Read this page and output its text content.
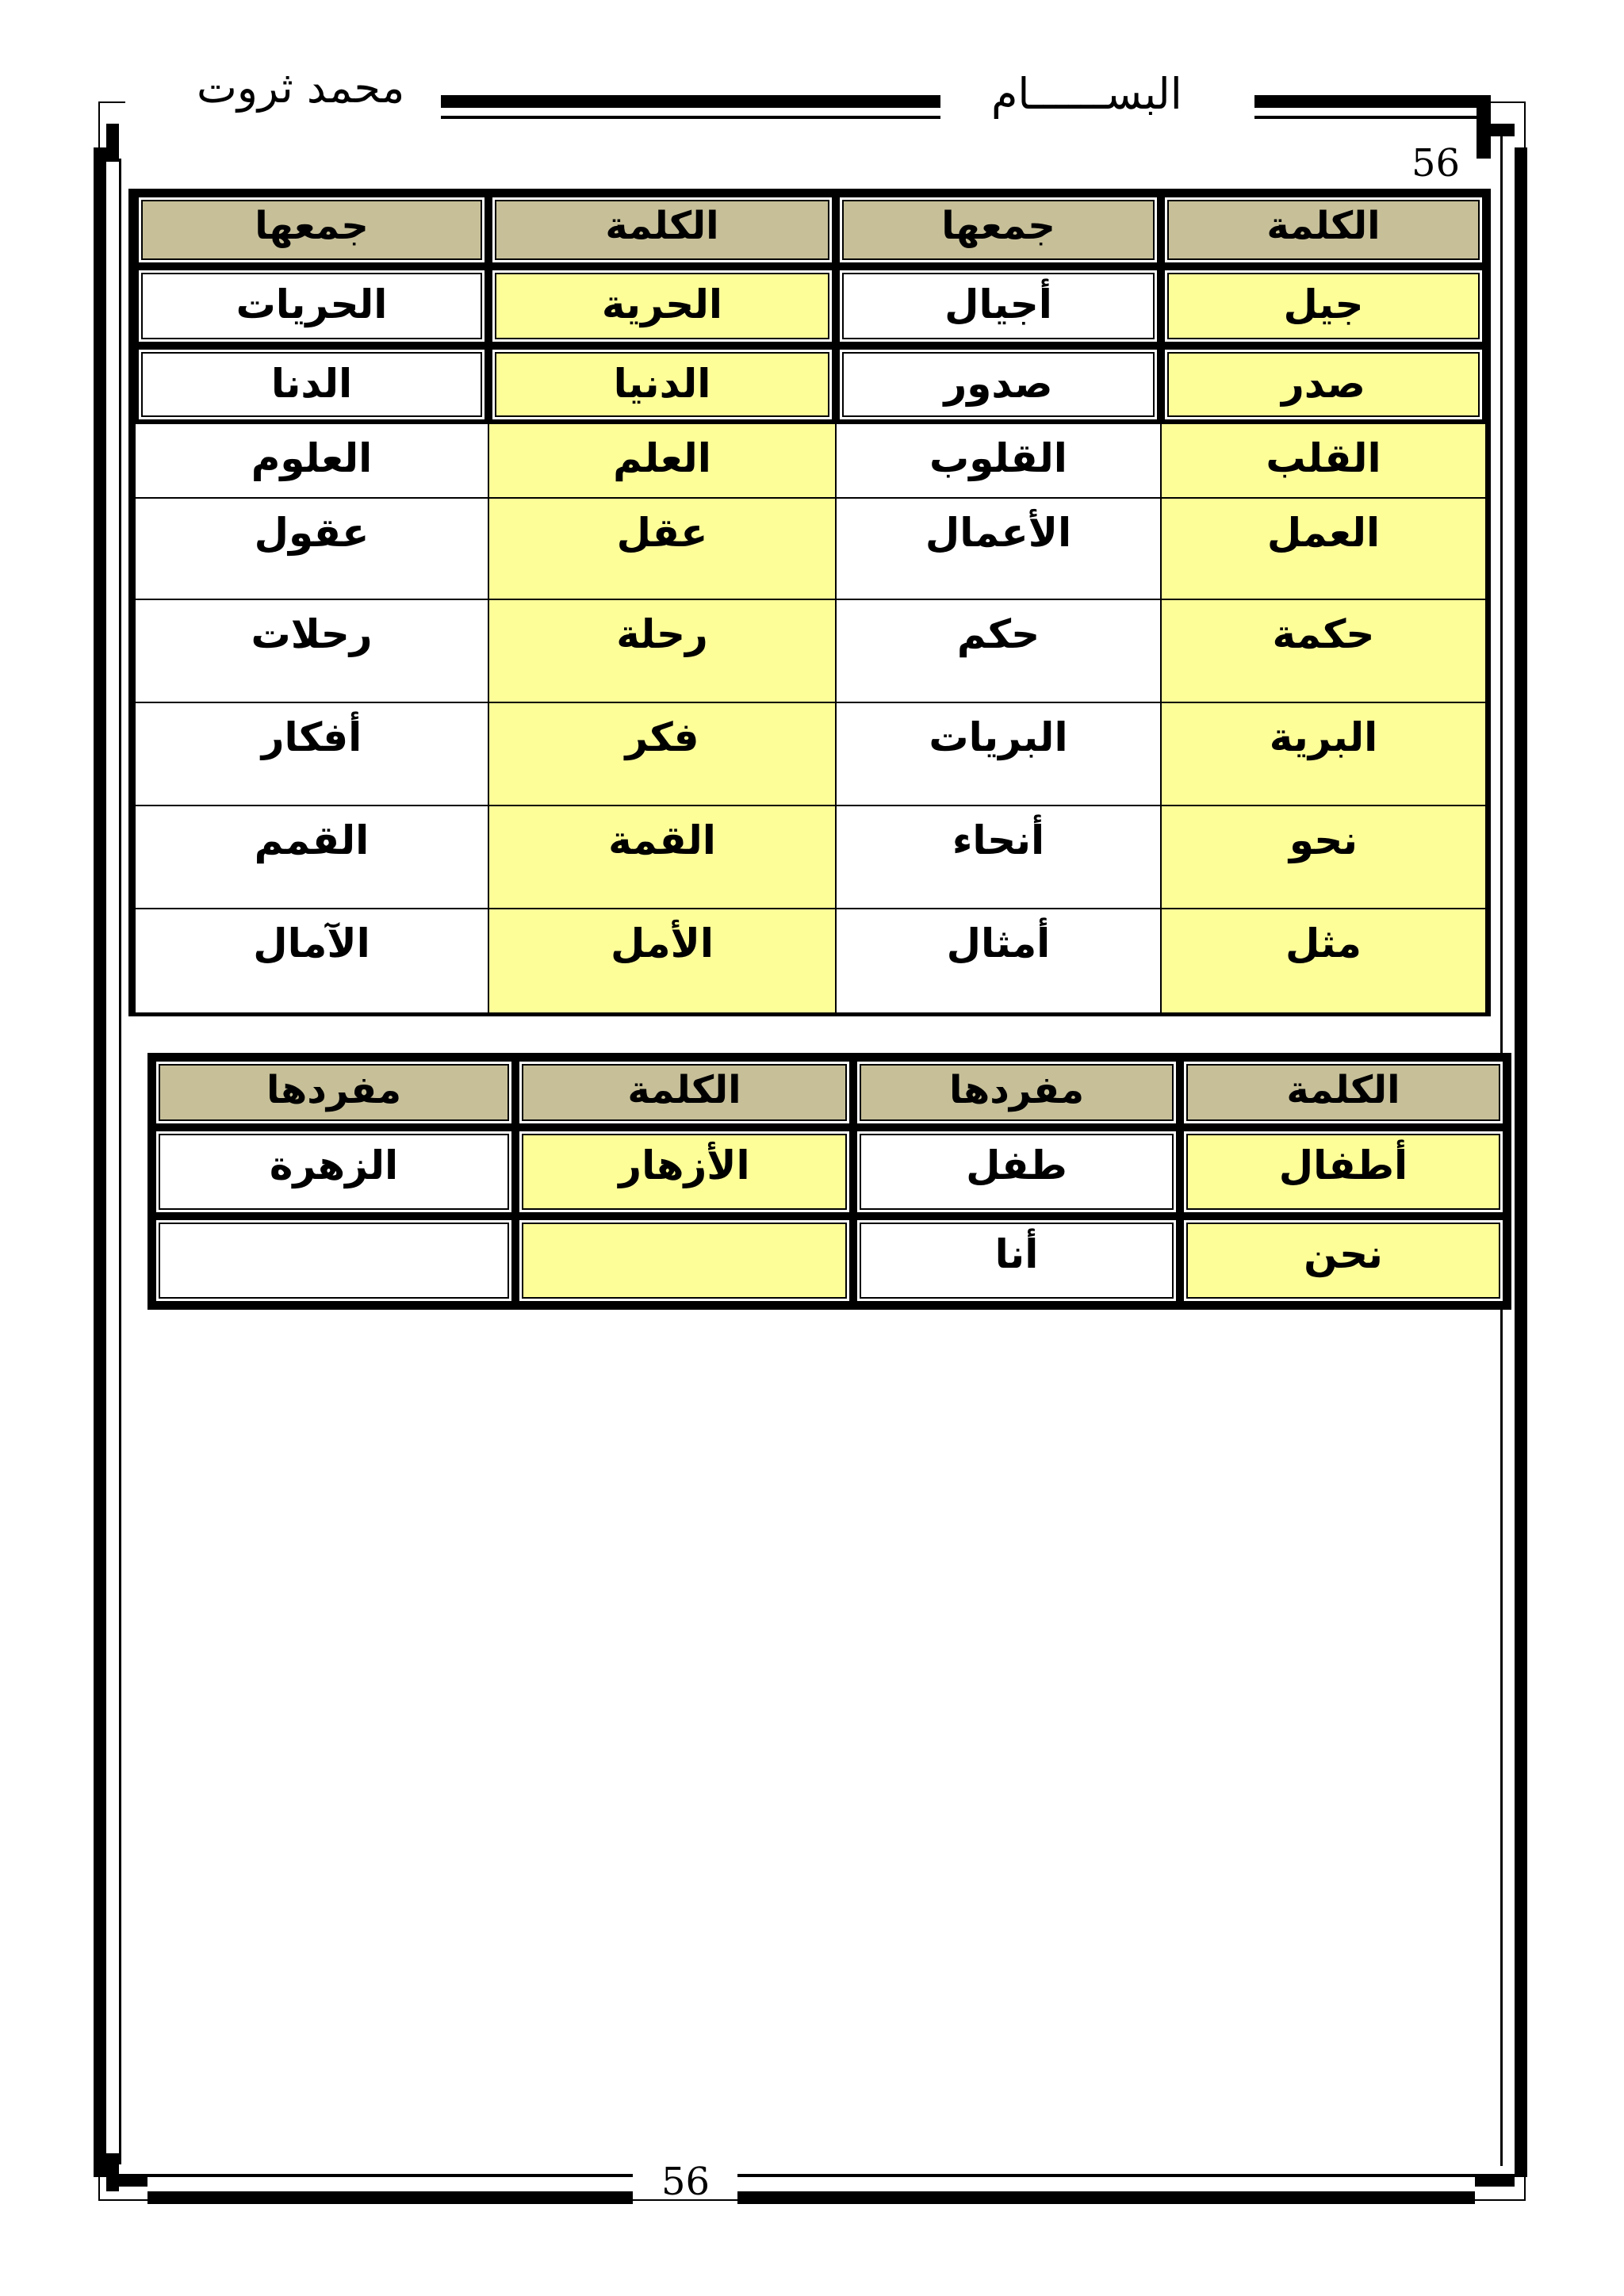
البســــــام
محمد ثروت
56
56
الكلمة	جمعها	الكلمة	جمعها
جيل	أجيال	الحرية	الحريات
صدر	صدور	الدنيا	الدنا
القلب	القلوب	العلم	العلوم
العمل	الأعمال	عقل	عقول
حكمة	حكم	رحلة	رحلات
البرية	البريات	فكر	أفكار
نحو	أنحاء	القمة	القمم
مثل	أمثال	الأمل	الآمال
الكلمة	مفردها	الكلمة	مفردها
أطفال	طفل	الأزهار	الزهرة
نحن	أنا		
